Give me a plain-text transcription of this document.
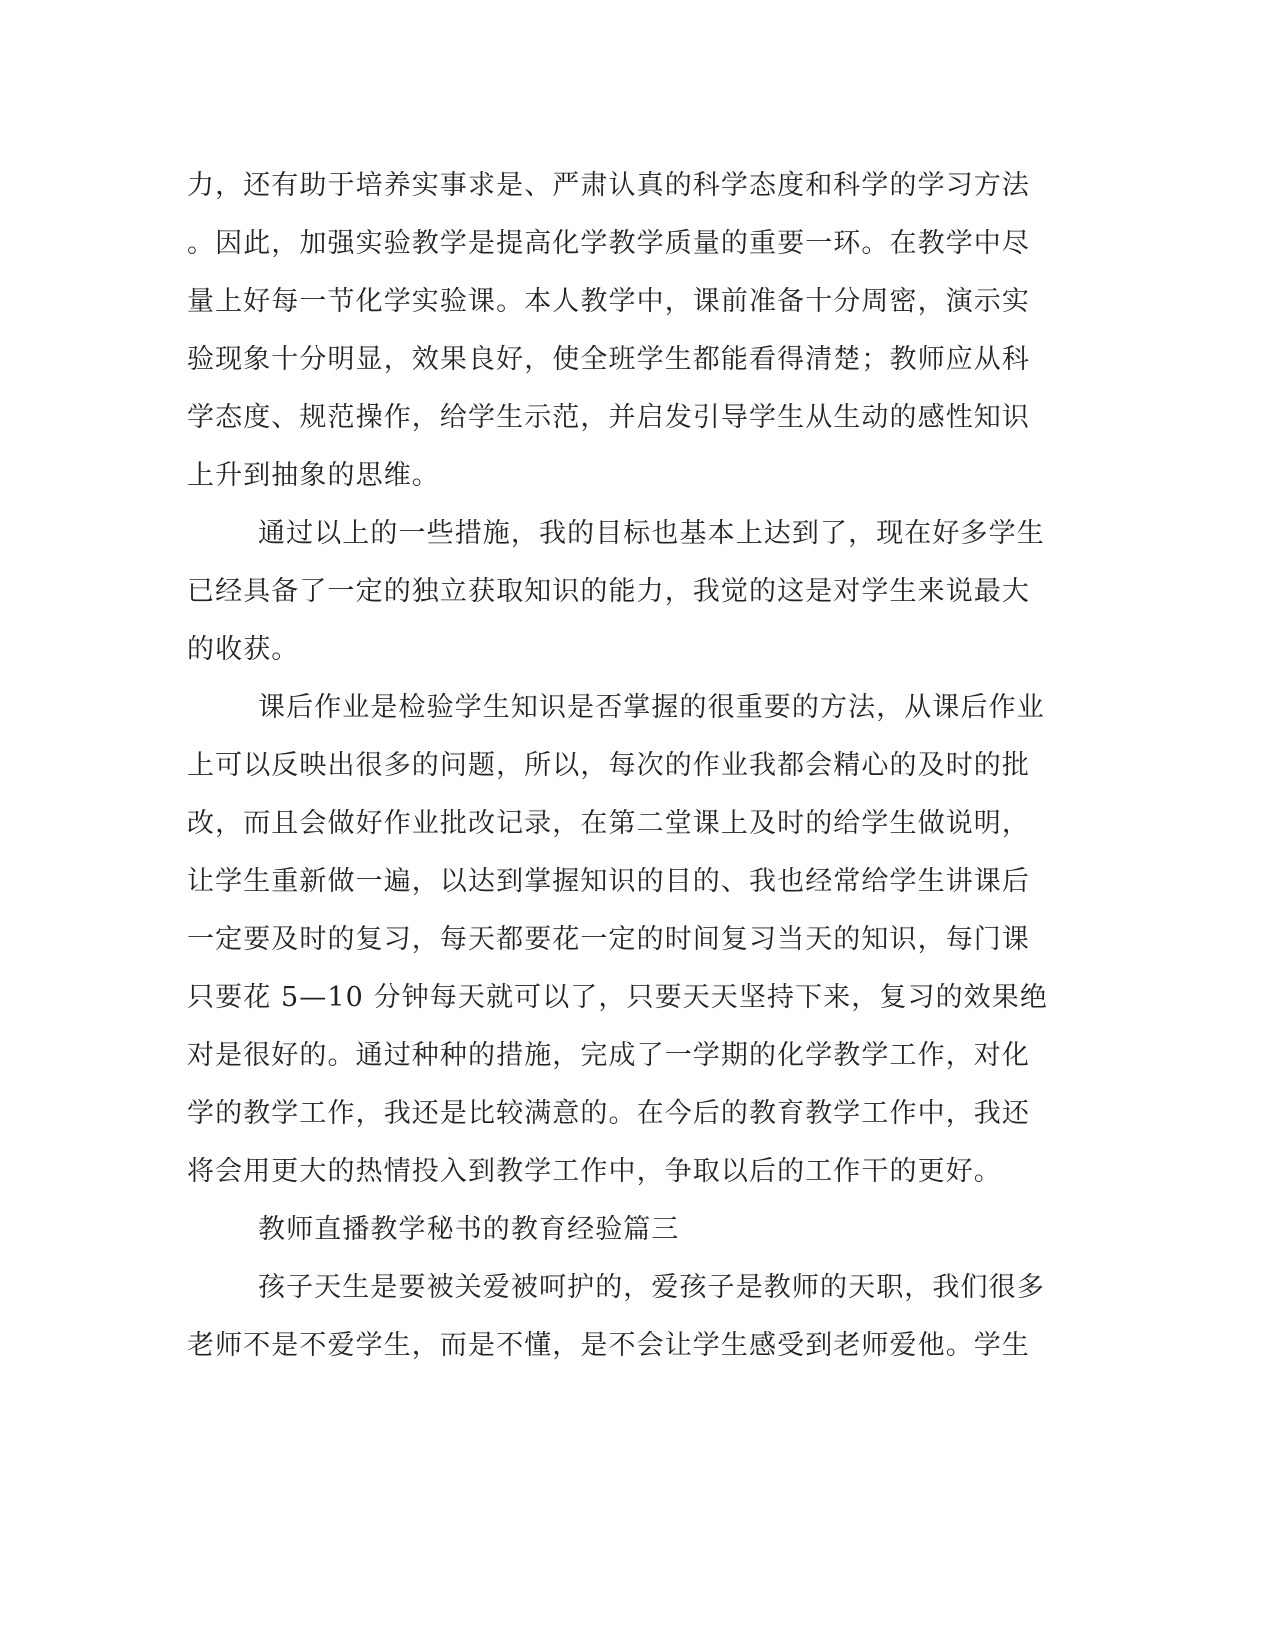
力，还有助于培养实事求是、严肃认真的科学态度和科学的学习方法
。因此，加强实验教学是提高化学教学质量的重要一环。在教学中尽
量上好每一节化学实验课。本人教学中，课前准备十分周密，演示实
验现象十分明显，效果良好，使全班学生都能看得清楚；教师应从科
学态度、规范操作，给学生示范，并启发引导学生从生动的感性知识
上升到抽象的思维。
通过以上的一些措施，我的目标也基本上达到了，现在好多学生
已经具备了一定的独立获取知识的能力，我觉的这是对学生来说最大
的收获。
课后作业是检验学生知识是否掌握的很重要的方法，从课后作业
上可以反映出很多的问题，所以，每次的作业我都会精心的及时的批
改，而且会做好作业批改记录，在第二堂课上及时的给学生做说明，
让学生重新做一遍，以达到掌握知识的目的、我也经常给学生讲课后
一定要及时的复习，每天都要花一定的时间复习当天的知识，每门课
只要花 5—10 分钟每天就可以了，只要天天坚持下来，复习的效果绝
对是很好的。通过种种的措施，完成了一学期的化学教学工作，对化
学的教学工作，我还是比较满意的。在今后的教育教学工作中，我还
将会用更大的热情投入到教学工作中，争取以后的工作干的更好。
教师直播教学秘书的教育经验篇三
孩子天生是要被关爱被呵护的，爱孩子是教师的天职，我们很多
老师不是不爱学生，而是不懂，是不会让学生感受到老师爱他。学生
